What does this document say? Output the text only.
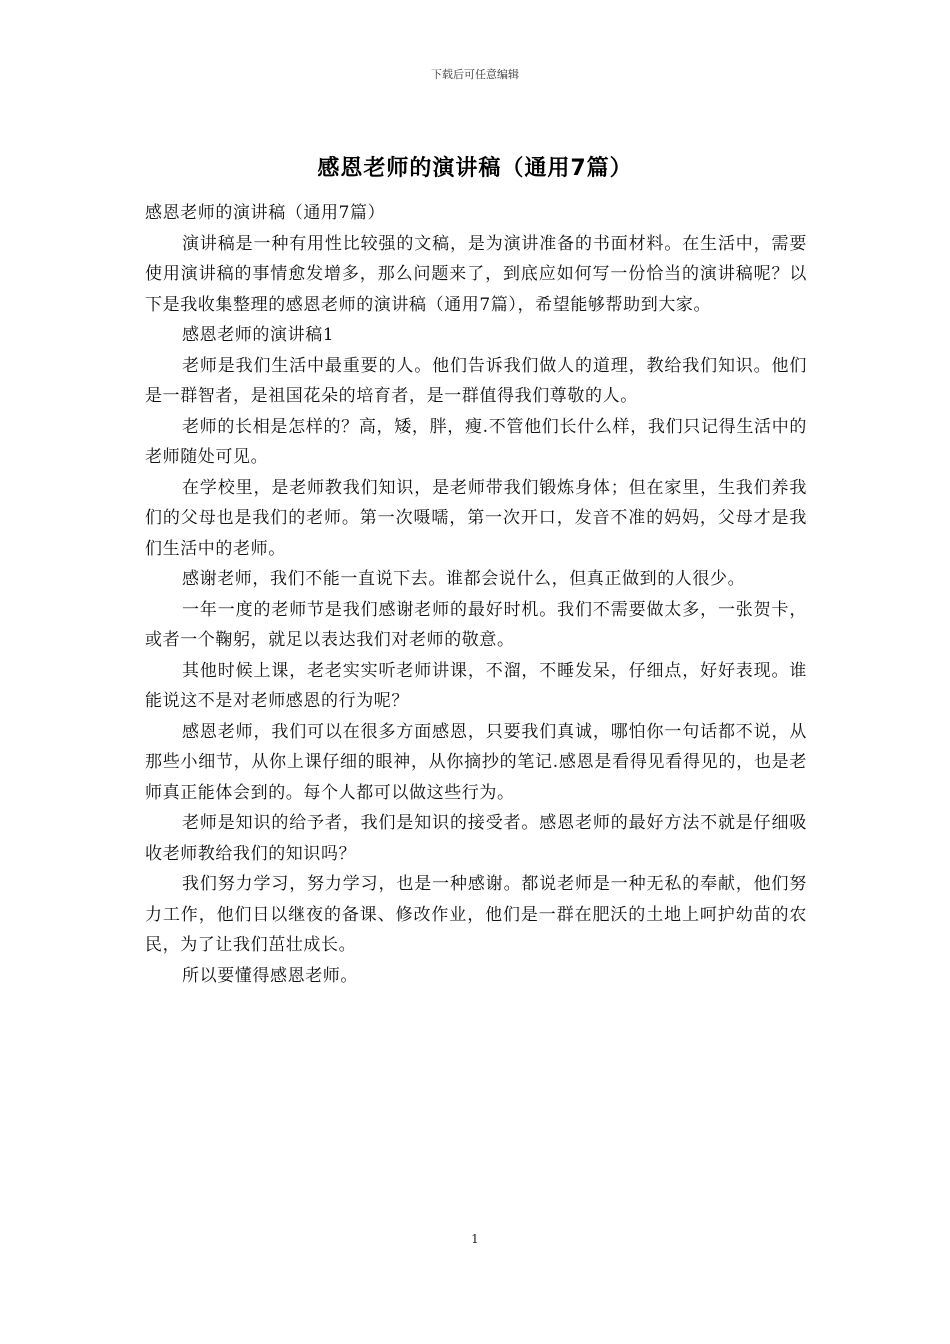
下载后可任意编辑
感恩老师的演讲稿（通用7篇）

感恩老师的演讲稿（通用7篇）

演讲稿是一种有用性比较强的文稿，是为演讲准备的书面材料。在生活中，需要使用演讲稿的事情愈发增多，那么问题来了，到底应如何写一份恰当的演讲稿呢？以下是我收集整理的感恩老师的演讲稿（通用7篇），希望能够帮助到大家。

感恩老师的演讲稿1

老师是我们生活中最重要的人。他们告诉我们做人的道理，教给我们知识。他们是一群智者，是祖国花朵的培育者，是一群值得我们尊敬的人。

老师的长相是怎样的？高，矮，胖，瘦.不管他们长什么样，我们只记得生活中的老师随处可见。

在学校里，是老师教我们知识，是老师带我们锻炼身体；但在家里，生我们养我们的父母也是我们的老师。第一次嗫嚅，第一次开口，发音不准的妈妈，父母才是我们生活中的老师。

感谢老师，我们不能一直说下去。谁都会说什么，但真正做到的人很少。

一年一度的老师节是我们感谢老师的最好时机。我们不需要做太多，一张贺卡，或者一个鞠躬，就足以表达我们对老师的敬意。

其他时候上课，老老实实听老师讲课，不溜，不睡发呆，仔细点，好好表现。谁能说这不是对老师感恩的行为呢？

感恩老师，我们可以在很多方面感恩，只要我们真诚，哪怕你一句话都不说，从那些小细节，从你上课仔细的眼神，从你摘抄的笔记.感恩是看得见看得见的，也是老师真正能体会到的。每个人都可以做这些行为。

老师是知识的给予者，我们是知识的接受者。感恩老师的最好方法不就是仔细吸收老师教给我们的知识吗？

我们努力学习，努力学习，也是一种感谢。都说老师是一种无私的奉献，他们努力工作，他们日以继夜的备课、修改作业，他们是一群在肥沃的土地上呵护幼苗的农民，为了让我们茁壮成长。

所以要懂得感恩老师。

1
